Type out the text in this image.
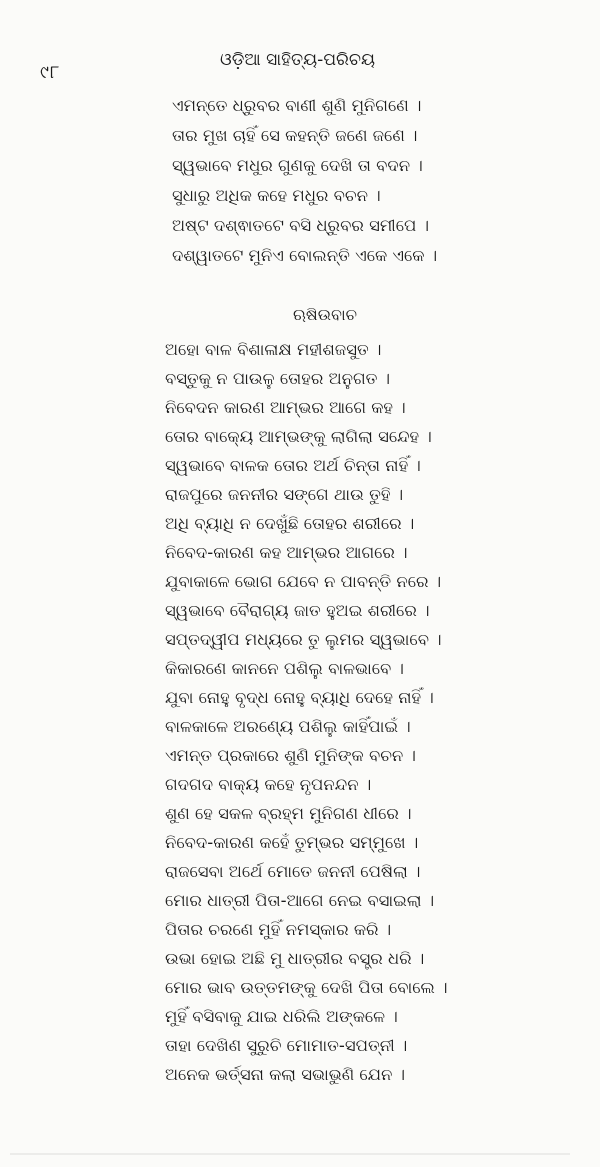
୯୮
ଓଡ଼ିଆ ସାହିତ୍ୟ-ପରିଚୟ
ଏମନ୍ତେ ଧ୍ରୁବର ବାଣୀ ଶୁଣି ମୁନିଗଣେ ।
ତାର ମୁଖ ଚାହିଁ ସେ କହନ୍ତି ଜଣେ ଜଣେ ।
ସ୍ୱଭାବେ ମଧୁର ଗୁଣକୁ ଦେଖି ତା ବଦନ ।
ସୁଧାରୁ ଅଧିକ କହେ ମଧୁର ବଚନ ।
ଅଷ୍ଟ ଦଶ୍ଵାତଟେ ବସି ଧ୍ରୁବର ସମୀପେ ।
ଦଶ୍ୱାତଟେ ମୁନିଏ ବୋଲନ୍ତି ଏକେ ଏକେ ।
ଋଷିଉବାଚ
ଅହୋ ବାଳ ବିଶାଳାକ୍ଷ ମହୀଶଜସୁତ ।
ବସ୍ତୁକୁ ନ ପାଉଳୁ ତୋହର ଅନୁଗତ ।
ନିବେଦନ କାରଣ ଆମ୍ଭର ଆଗେ କହ ।
ତୋର ବାକ୍ୟେ ଆମ୍ଭଙ୍କୁ ଲାଗିଲା ସନ୍ଦେହ ।
ସ୍ୱଭାବେ ବାଳକ ତୋର ଅର୍ଥ ଚିନ୍ତା ନାହିଁ ।
ରାଜପୁରେ ଜନନୀର ସଙ୍ଗେ ଥାଉ ତୁହି ।
ଅଧି ବ୍ୟାଧି ନ ଦେଖୁଁଛି ତୋହର ଶରୀରେ ।
ନିବେଦ-କାରଣ କହ ଆମ୍ଭର ଆଗରେ ।
ଯୁବାକାଳେ ଭୋଗ ଯେବେ ନ ପାବନ୍ତି ନରେ ।
ସ୍ୱଭାବେ ବୈରାଗ୍ୟ ଜାତ ହୁଅଇ ଶରୀରେ ।
ସପ୍ତଦ୍ୱୀପ ମଧ୍ୟରେ ତୁ ଲୁମର ସ୍ୱଭାବେ ।
କିକାରଣେ କାନନେ ପଶିଲୁ ବାଳଭାବେ ।
ଯୁବା ନୋହୁ ବୃଦ୍ଧ ନୋହୁ ବ୍ୟାଧି ଦେହେ ନାହିଁ ।
ବାଳକାଳେ ଅରଣ୍ୟେ ପଶିଲୁ କାହିଁପାଇଁ ।
ଏମନ୍ତ ପ୍ରକାରେ ଶୁଣି ମୁନିଙ୍କ ବଚନ ।
ଗଦଗଦ ବାକ୍ୟ କହେ ନୃପନନ୍ଦନ ।
ଶୁଣ ହେ ସକଳ ବ୍ରହ୍ମ ମୁନିଗଣ ଧୀରେ ।
ନିବେଦ-କାରଣ କହେଁ ତୁମ୍ଭର ସମ୍ମୁଖେ ।
ରାଜସେବା ଅର୍ଥେ ମୋତେ ଜନନୀ ପେଷିଲା ।
ମୋର ଧାତ୍ରୀ ପିତା-ଆଗେ ନେଇ ବସାଇଲା ।
ପିତାର ଚରଣେ ମୁହିଁ ନମସ୍କାର କରି ।
ଉଭା ହୋଇ ଅଛି ମୁ ଧାତ୍ରୀର ବସ୍ତ୍ର ଧରି ।
ମୋର ଭାବ ଉତ୍ତମଙ୍କୁ ଦେଖି ପିତା ବୋଲେ ।
ମୁହିଁ ବସିବାକୁ ଯାଇ ଧରିଲି ଅଙ୍କଳେ ।
ତାହା ଦେଖିଣ ସୁରୁଚି ମୋମାତ-ସପତ୍ନୀ ।
ଅନେକ ଭର୍ତ୍ସନା କଲା ସଭାଭୁଣି ଯେନ ।
